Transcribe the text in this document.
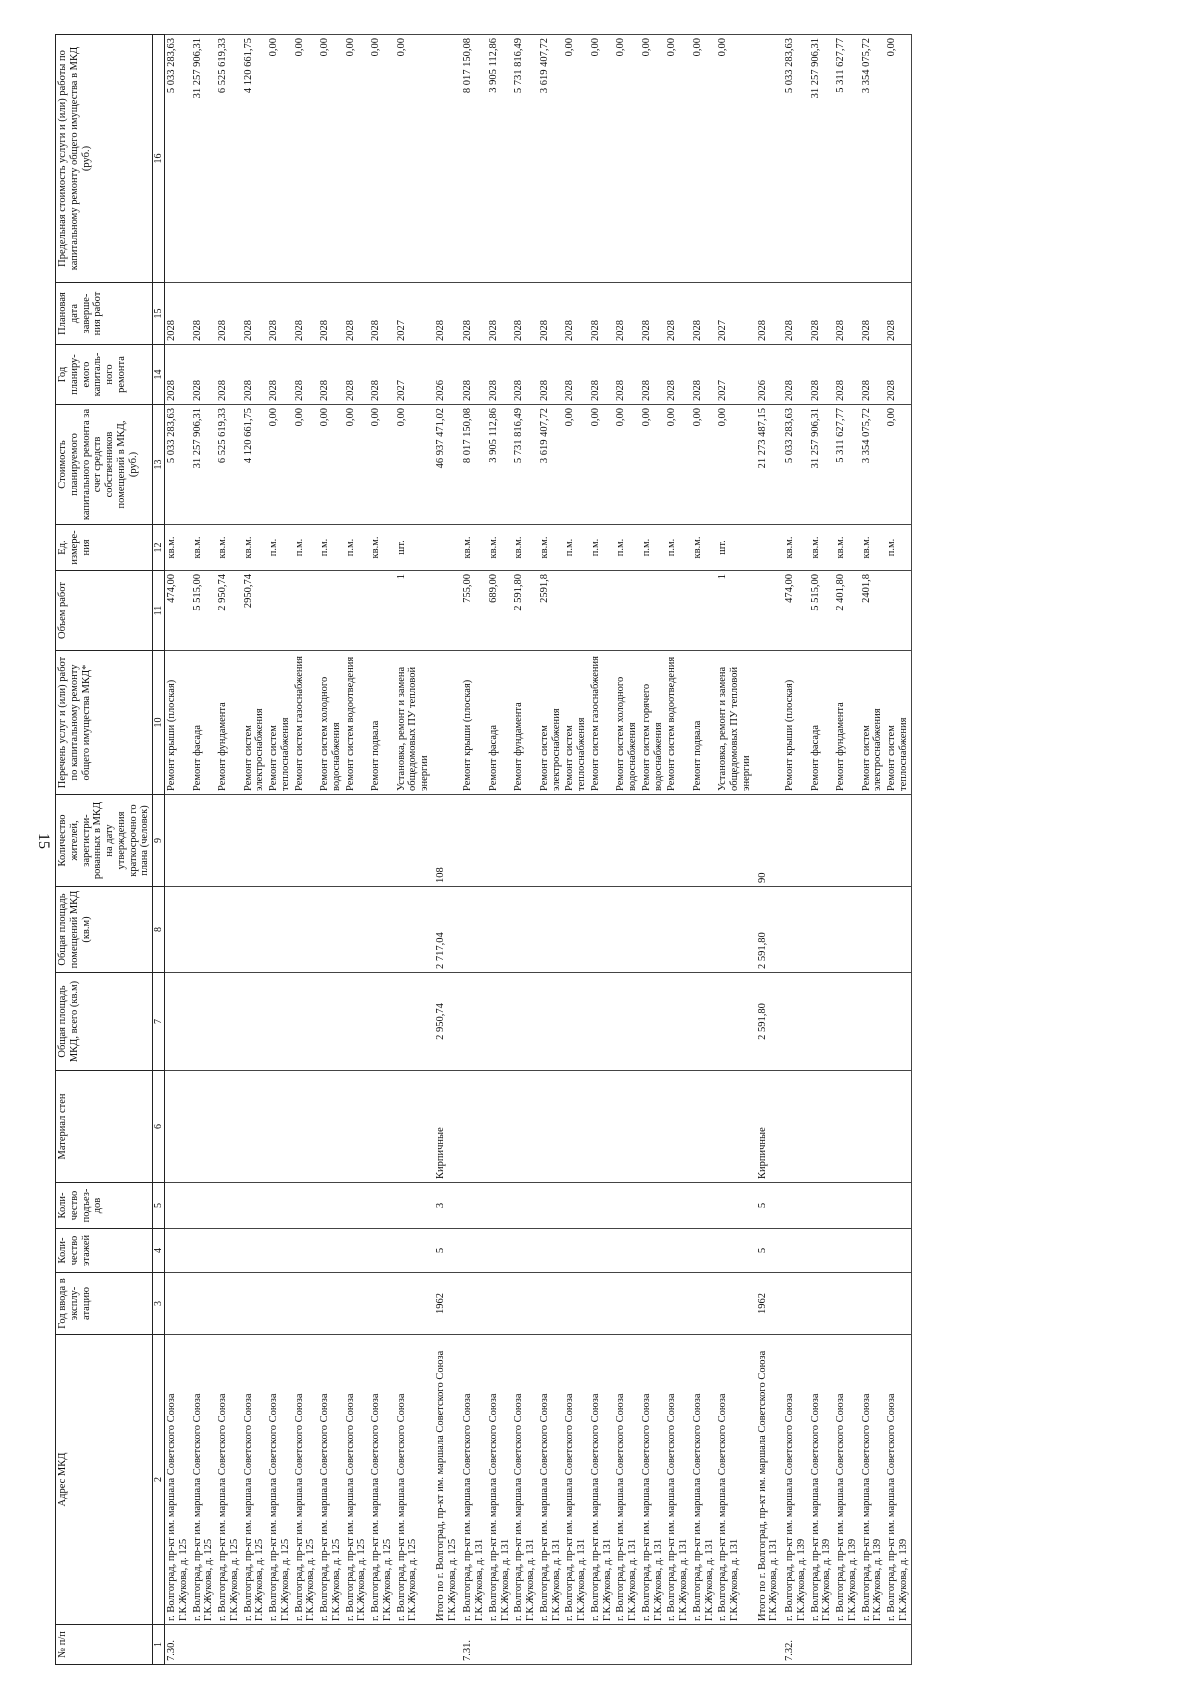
15
№ п/п	Адрес МКД	Год ввода в эксплу-атацию	Коли-чество этажей	Коли-чество подъез-дов	Материал стен	Общая площадь МКД, всего (кв.м)	Общая площадь помещений МКД (кв.м)	Количество жителей, зарегистри-рованных в МКД на дату утверждения краткосрочно го плана (человек)	Перечень услуг и (или) работ по капитальному ремонту общего имущества МКД*	Объем работ	Ед. измере-ния	Стоимость планируемого капитального ремонта за счет средств собственников помещений в МКД, (руб.)	Год планиру-емого капиталь-ного ремонта	Плановая дата заверше-ния работ	Предельная стоимость услуги и (или) работы по капитальному ремонту общего имущества в МКД (руб.)
1	2	3	4	5	6	7	8	9	10	11	12	13	14	15	16
7.30.	г. Волгоград, пр-кт им. маршала Советского Союза Г.К.Жукова, д. 125								Ремонт крыши (плоская)	474,00	кв.м.	5 033 283,63	2028	2028	5 033 283,63
	г. Волгоград, пр-кт им. маршала Советского Союза Г.К.Жукова, д. 125								Ремонт фасада	5 515,00	кв.м.	31 257 906,31	2028	2028	31 257 906,31
	г. Волгоград, пр-кт им. маршала Советского Союза Г.К.Жукова, д. 125								Ремонт фундамента	2 950,74	кв.м.	6 525 619,33	2028	2028	6 525 619,33
	г. Волгоград, пр-кт им. маршала Советского Союза Г.К.Жукова, д. 125								Ремонт систем электроснабжения	2950,74	кв.м.	4 120 661,75	2028	2028	4 120 661,75
	г. Волгоград, пр-кт им. маршала Советского Союза Г.К.Жукова, д. 125								Ремонт систем теплоснабжения		п.м.	0,00	2028	2028	0,00
	г. Волгоград, пр-кт им. маршала Советского Союза Г.К.Жукова, д. 125								Ремонт систем газоснабжения		п.м.	0,00	2028	2028	0,00
	г. Волгоград, пр-кт им. маршала Советского Союза Г.К.Жукова, д. 125								Ремонт систем холодного водоснабжения		п.м.	0,00	2028	2028	0,00
	г. Волгоград, пр-кт им. маршала Советского Союза Г.К.Жукова, д. 125								Ремонт систем водоотведения		п.м.	0,00	2028	2028	0,00
	г. Волгоград, пр-кт им. маршала Советского Союза Г.К.Жукова, д. 125								Ремонт подвала		кв.м.	0,00	2028	2028	0,00
	г. Волгоград, пр-кт им. маршала Советского Союза Г.К.Жукова, д. 125								Установка, ремонт и замена общедомовых ПУ тепловой энергии	1	шт.	0,00	2027	2027	0,00
	Итого по г. Волгоград, пр-кт им. маршала Советского Союза Г.К.Жукова, д. 125	1962	5	3	Кирпичные	2 950,74	2 717,04	108				46 937 471,02	2026	2028	
7.31.	г. Волгоград, пр-кт им. маршала Советского Союза Г.К.Жукова, д. 131								Ремонт крыши (плоская)	755,00	кв.м.	8 017 150,08	2028	2028	8 017 150,08
	г. Волгоград, пр-кт им. маршала Советского Союза Г.К.Жукова, д. 131								Ремонт фасада	689,00	кв.м.	3 905 112,86	2028	2028	3 905 112,86
	г. Волгоград, пр-кт им. маршала Советского Союза Г.К.Жукова, д. 131								Ремонт фундамента	2 591,80	кв.м.	5 731 816,49	2028	2028	5 731 816,49
	г. Волгоград, пр-кт им. маршала Советского Союза Г.К.Жукова, д. 131								Ремонт систем электроснабжения	2591,8	кв.м.	3 619 407,72	2028	2028	3 619 407,72
	г. Волгоград, пр-кт им. маршала Советского Союза Г.К.Жукова, д. 131								Ремонт систем теплоснабжения		п.м.	0,00	2028	2028	0,00
	г. Волгоград, пр-кт им. маршала Советского Союза Г.К.Жукова, д. 131								Ремонт систем газоснабжения		п.м.	0,00	2028	2028	0,00
	г. Волгоград, пр-кт им. маршала Советского Союза Г.К.Жукова, д. 131								Ремонт систем холодного водоснабжения		п.м.	0,00	2028	2028	0,00
	г. Волгоград, пр-кт им. маршала Советского Союза Г.К.Жукова, д. 131								Ремонт систем горячего водоснабжения		п.м.	0,00	2028	2028	0,00
	г. Волгоград, пр-кт им. маршала Советского Союза Г.К.Жукова, д. 131								Ремонт систем водоотведения		п.м.	0,00	2028	2028	0,00
	г. Волгоград, пр-кт им. маршала Советского Союза Г.К.Жукова, д. 131								Ремонт подвала		кв.м.	0,00	2028	2028	0,00
	г. Волгоград, пр-кт им. маршала Советского Союза Г.К.Жукова, д. 131								Установка, ремонт и замена общедомовых ПУ тепловой энергии	1	шт.	0,00	2027	2027	0,00
	Итого по г. Волгоград, пр-кт им. маршала Советского Союза Г.К.Жукова, д. 131	1962	5	5	Кирпичные	2 591,80	2 591,80	90				21 273 487,15	2026	2028	
7.32.	г. Волгоград, пр-кт им. маршала Советского Союза Г.К.Жукова, д. 139								Ремонт крыши (плоская)	474,00	кв.м.	5 033 283,63	2028	2028	5 033 283,63
	г. Волгоград, пр-кт им. маршала Советского Союза Г.К.Жукова, д. 139								Ремонт фасада	5 515,00	кв.м.	31 257 906,31	2028	2028	31 257 906,31
	г. Волгоград, пр-кт им. маршала Советского Союза Г.К.Жукова, д. 139								Ремонт фундамента	2 401,80	кв.м.	5 311 627,77	2028	2028	5 311 627,77
	г. Волгоград, пр-кт им. маршала Советского Союза Г.К.Жукова, д. 139								Ремонт систем электроснабжения	2401,8	кв.м.	3 354 075,72	2028	2028	3 354 075,72
	г. Волгоград, пр-кт им. маршала Советского Союза Г.К.Жукова, д. 139								Ремонт систем теплоснабжения		п.м.	0,00	2028	2028	0,00
